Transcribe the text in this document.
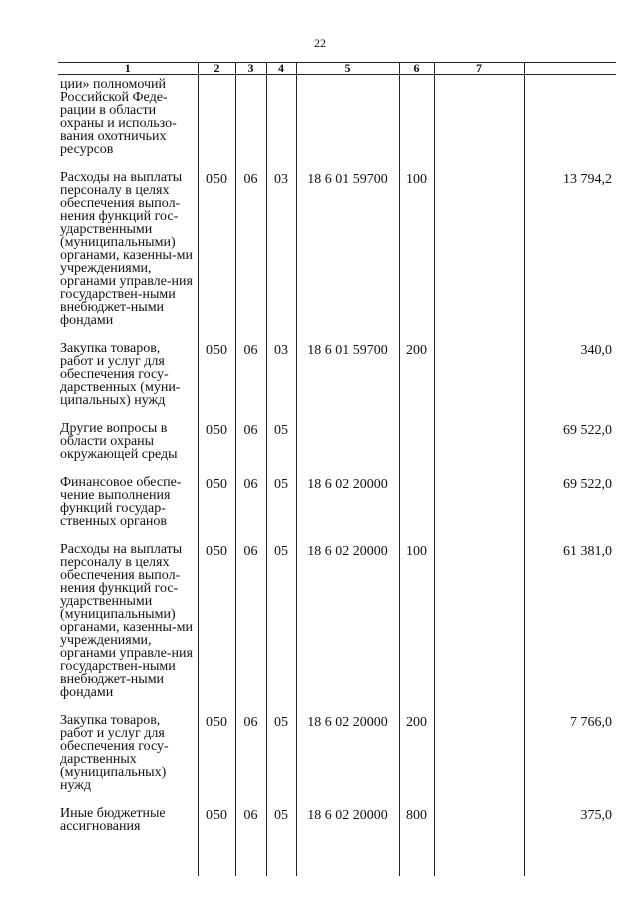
22
1	2	3	4	5	6	7	
ции» полномочий Российской Феде-рации в области охраны и использо-вания охотничьих ресурсов							
Расходы на выплаты персоналу в целях обеспечения выпол-нения функций гос-ударственными (муниципальными) органами, казенны-ми учреждениями, органами управле-ния государствен-ными внебюджет-ными фондами	050	06	03	18 6 01 59700	100		13 794,2
Закупка товаров, работ и услуг для обеспечения госу-дарственных (муни-ципальных) нужд	050	06	03	18 6 01 59700	200		340,0
Другие вопросы в области охраны окружающей среды	050	06	05				69 522,0
Финансовое обеспе-чение выполнения функций государ-ственных органов	050	06	05	18 6 02 20000			69 522,0
Расходы на выплаты персоналу в целях обеспечения выпол-нения функций гос-ударственными (муниципальными) органами, казенны-ми учреждениями, органами управле-ния государствен-ными внебюджет-ными фондами	050	06	05	18 6 02 20000	100		61 381,0
Закупка товаров, работ и услуг для обеспечения госу-дарственных (муниципальных) нужд	050	06	05	18 6 02 20000	200		7 766,0
Иные бюджетные ассигнования	050	06	05	18 6 02 20000	800		375,0
